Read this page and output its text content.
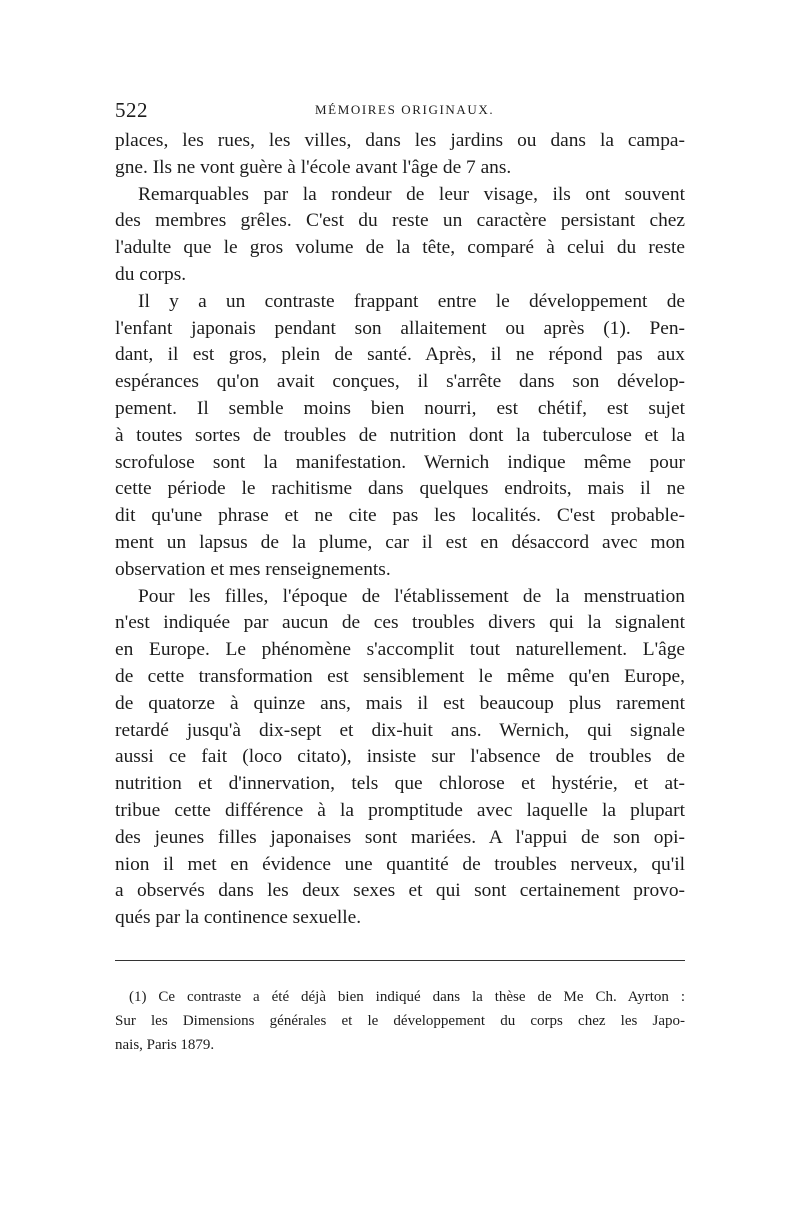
522	MÉMOIRES ORIGINAUX.
places, les rues, les villes, dans les jardins ou dans la campa-
gne. Ils ne vont guère à l'école avant l'âge de 7 ans.
Remarquables par la rondeur de leur visage, ils ont souvent
des membres grêles. C'est du reste un caractère persistant chez
l'adulte que le gros volume de la tête, comparé à celui du reste
du corps.
Il y a un contraste frappant entre le développement de
l'enfant japonais pendant son allaitement ou après (1). Pen-
dant, il est gros, plein de santé. Après, il ne répond pas aux
espérances qu'on avait conçues, il s'arrête dans son dévelop-
pement. Il semble moins bien nourri, est chétif, est sujet
à toutes sortes de troubles de nutrition dont la tuberculose et la
scrofulose sont la manifestation. Wernich indique même pour
cette période le rachitisme dans quelques endroits, mais il ne
dit qu'une phrase et ne cite pas les localités. C'est probable-
ment un lapsus de la plume, car il est en désaccord avec mon
observation et mes renseignements.
Pour les filles, l'époque de l'établissement de la menstruation
n'est indiquée par aucun de ces troubles divers qui la signalent
en Europe. Le phénomène s'accomplit tout naturellement. L'âge
de cette transformation est sensiblement le même qu'en Europe,
de quatorze à quinze ans, mais il est beaucoup plus rarement
retardé jusqu'à dix-sept et dix-huit ans. Wernich, qui signale
aussi ce fait (loco citato), insiste sur l'absence de troubles de
nutrition et d'innervation, tels que chlorose et hystérie, et at-
tribue cette différence à la promptitude avec laquelle la plupart
des jeunes filles japonaises sont mariées. A l'appui de son opi-
nion il met en évidence une quantité de troubles nerveux, qu'il
a observés dans les deux sexes et qui sont certainement provo-
qués par la continence sexuelle.
(1) Ce contraste a été déjà bien indiqué dans la thèse de Me Ch. Ayrton :
Sur les Dimensions générales et le développement du corps chez les Japo-
nais, Paris 1879.
